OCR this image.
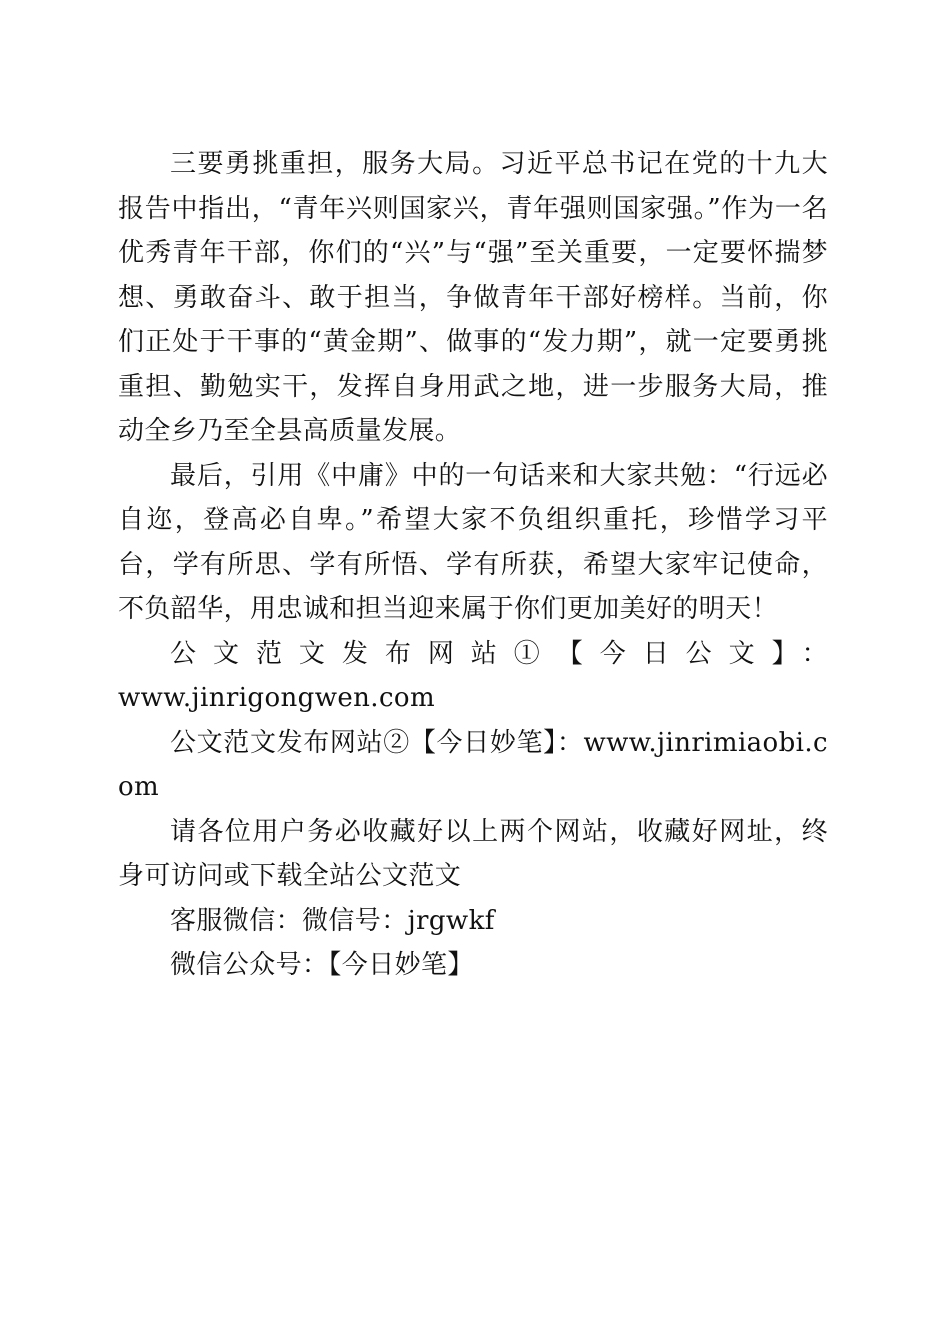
三要勇挑重担，服务大局。习近平总书记在党的十九大报告中指出，“青年兴则国家兴，青年强则国家强。”作为一名优秀青年干部，你们的“兴”与“强”至关重要，一定要怀揣梦想、勇敢奋斗、敢于担当，争做青年干部好榜样。当前，你们正处于干事的“黄金期”、做事的“发力期”，就一定要勇挑重担、勤勉实干，发挥自身用武之地，进一步服务大局，推动全乡乃至全县高质量发展。

最后，引用《中庸》中的一句话来和大家共勉：“行远必自迩，登高必自卑。”希望大家不负组织重托，珍惜学习平台，学有所思、学有所悟、学有所获，希望大家牢记使命，不负韶华，用忠诚和担当迎来属于你们更加美好的明天！

公文范文发布网站①【今日公文】：

www.jinrigongwen.com

公文范文发布网站②【今日妙笔】：www.jinrimiaobi.com

请各位用户务必收藏好以上两个网站，收藏好网址，终身可访问或下载全站公文范文

客服微信：微信号：jrgwkf

微信公众号：【今日妙笔】
